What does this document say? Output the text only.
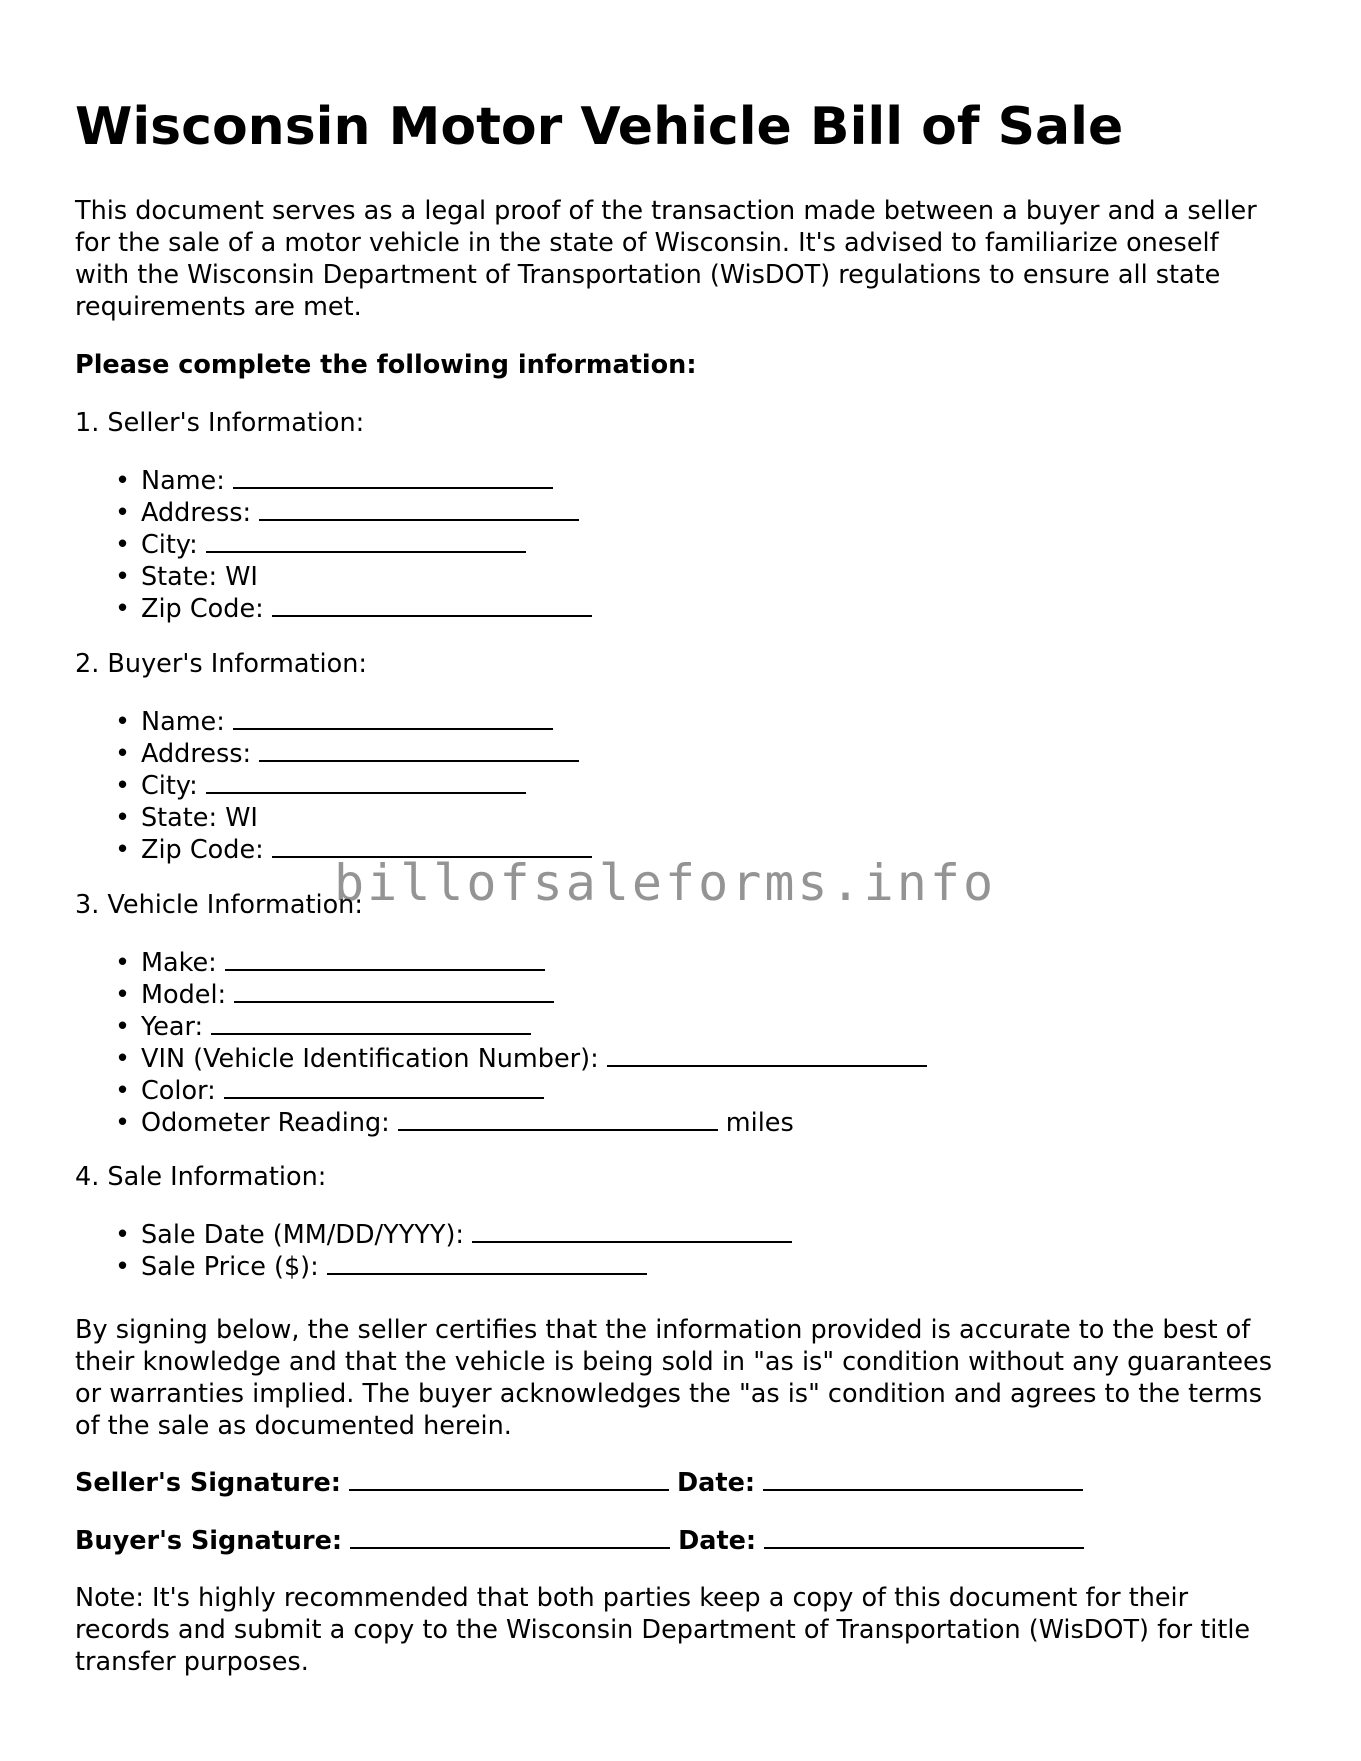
Wisconsin Motor Vehicle Bill of Sale

This document serves as a legal proof of the transaction made between a buyer and a seller for the sale of a motor vehicle in the state of Wisconsin. It's advised to familiarize oneself with the Wisconsin Department of Transportation (WisDOT) regulations to ensure all state requirements are met.

Please complete the following information:

1. Seller's Information:

• Name:
• Address:
• City:
• State: WI
• Zip Code:

2. Buyer's Information:

• Name:
• Address:
• City:
• State: WI
• Zip Code:

3. Vehicle Information:

• Make:
• Model:
• Year:
• VIN (Vehicle Identification Number):
• Color:
• Odometer Reading:	miles

4. Sale Information:

• Sale Date (MM/DD/YYYY):
• Sale Price ($):

By signing below, the seller certifies that the information provided is accurate to the best of their knowledge and that the vehicle is being sold in "as is" condition without any guarantees or warranties implied. The buyer acknowledges the "as is" condition and agrees to the terms of the sale as documented herein.

Seller's Signature:	Date:

Buyer's Signature:	Date:

Note: It's highly recommended that both parties keep a copy of this document for their records and submit a copy to the Wisconsin Department of Transportation (WisDOT) for title transfer purposes.

billofsaleforms.info
